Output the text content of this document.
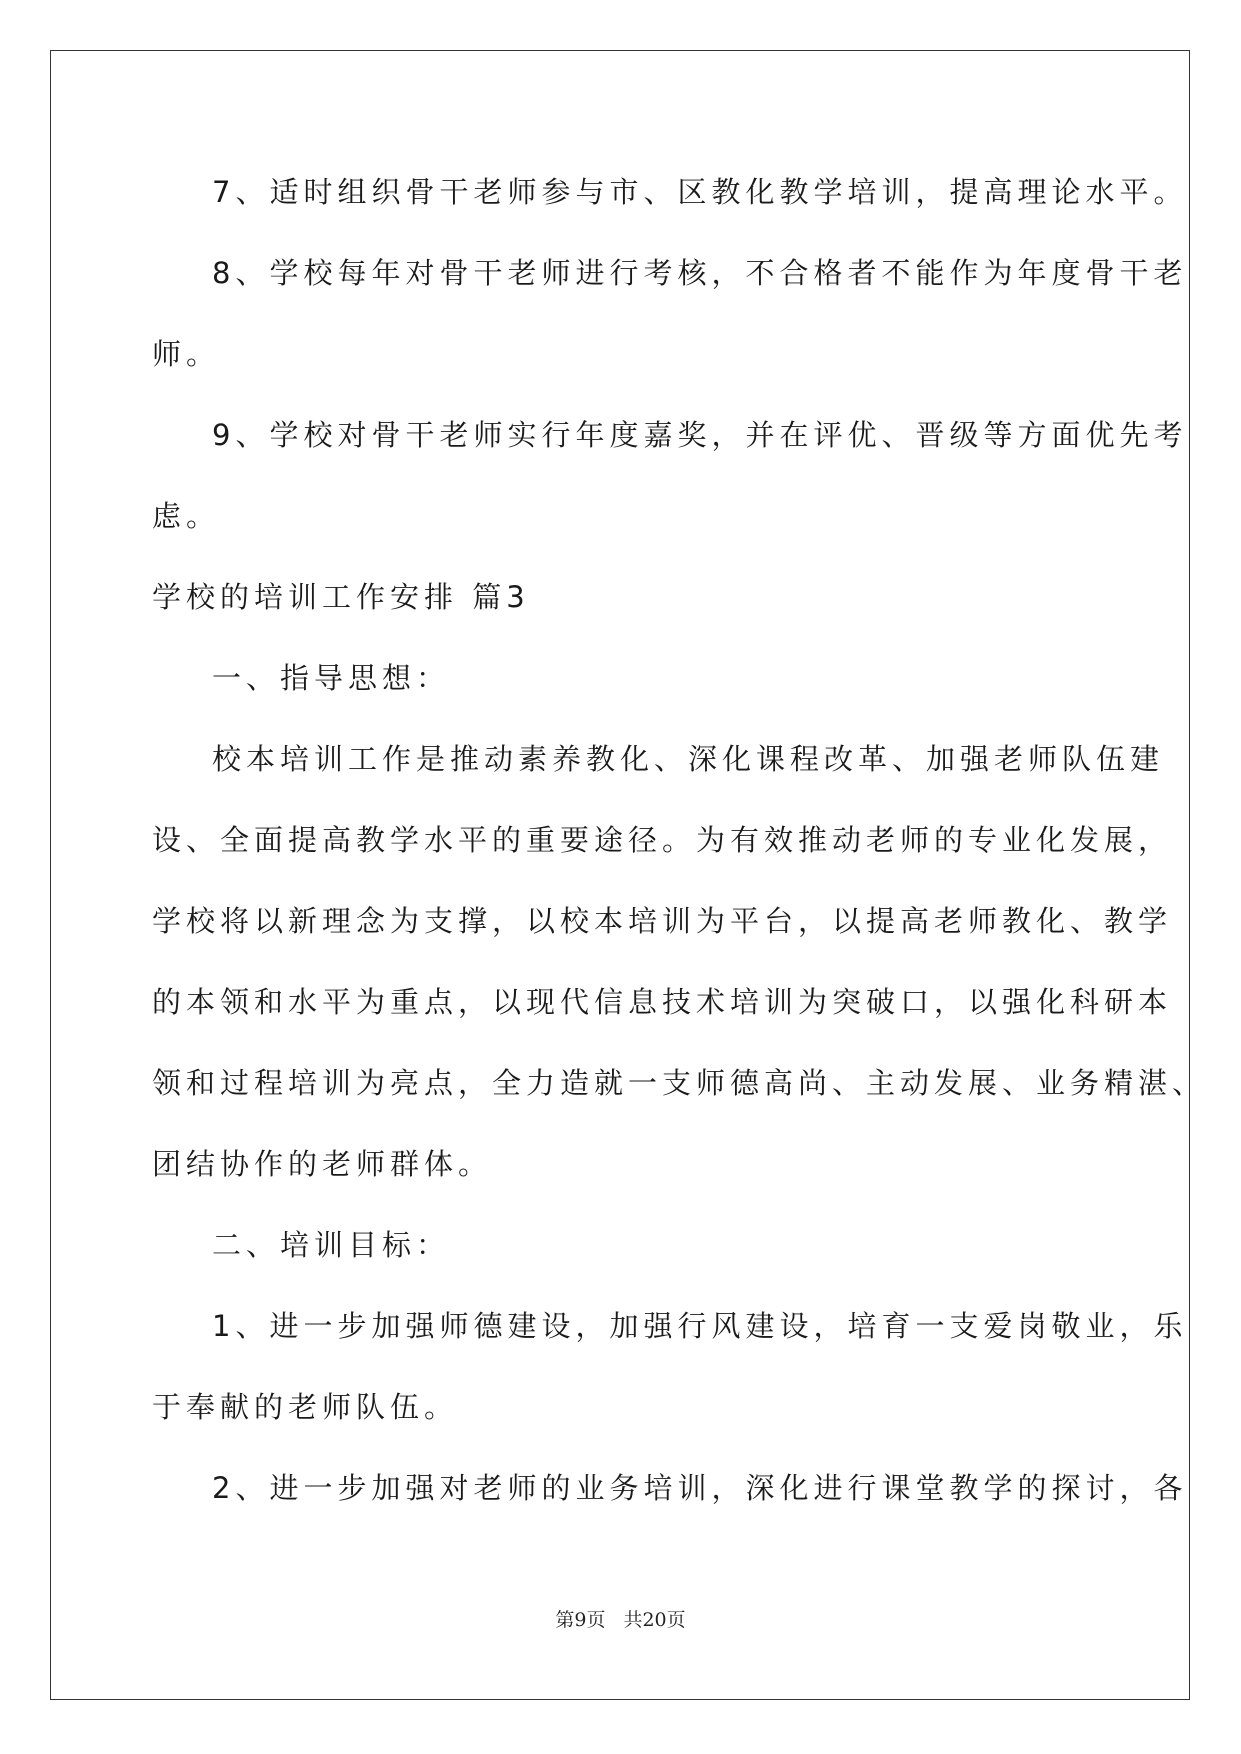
7、适时组织骨干老师参与市、区教化教学培训，提高理论水平。
8、学校每年对骨干老师进行考核，不合格者不能作为年度骨干老
师。
9、学校对骨干老师实行年度嘉奖，并在评优、晋级等方面优先考
虑。
学校的培训工作安排 篇3
一、指导思想：
校本培训工作是推动素养教化、深化课程改革、加强老师队伍建
设、全面提高教学水平的重要途径。为有效推动老师的专业化发展，
学校将以新理念为支撑，以校本培训为平台，以提高老师教化、教学
的本领和水平为重点，以现代信息技术培训为突破口，以强化科研本
领和过程培训为亮点，全力造就一支师德高尚、主动发展、业务精湛、
团结协作的老师群体。
二、培训目标：
1、进一步加强师德建设，加强行风建设，培育一支爱岗敬业，乐
于奉献的老师队伍。
2、进一步加强对老师的业务培训，深化进行课堂教学的探讨，各
第9页 共20页
